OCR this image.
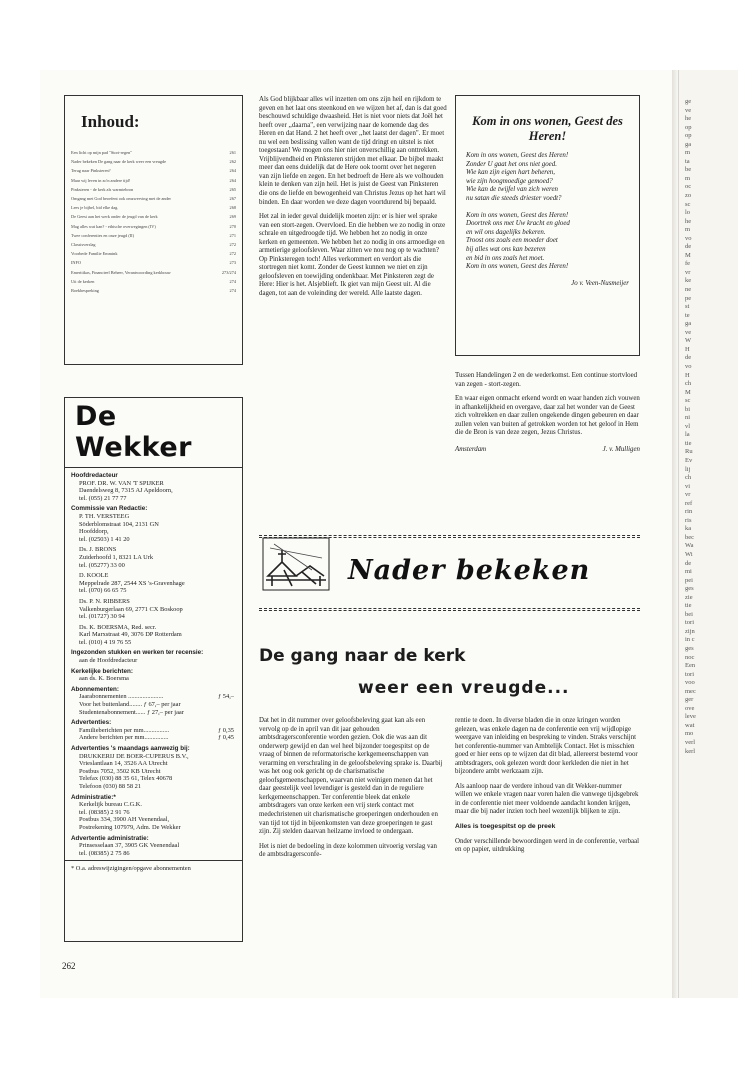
ge
ve
he
op
op
ga
m
ta
be
m
oc
zo
sc
lo
he
m
vo
de
M
fe
vr
ke
ne
pe
st
te
ga
ve
W
H
de
vo
H
ch
M
sc
bi
ni
vl
la
tie
Ru
Ev
lij
ch
vi
vr
ref
rin
ris
ka
bec
Wa
Wi
de
mi
pei
ges
zie
tie
bei
tori
zijn
in c
ges
noc
Een
tori
voo
mec
ger
ove
leve
wat
mo
verl
kerl
Inhoud:
Een licht op mijn pad "Stort-regen"	261
Nader bekeken De gang naar de kerk weer een vreugde	262
Terug naar Pinksteren?	264
Maar wij leven in zo'n andere tijd!	264
Pinksteren - de kerk als warmtebron	265
Omgang met God beoefent ook omzwerving met de ander	267
Lees je bijbel, bid elke dag.	268
De Geest aan het werk onder de jeugd van de kerk	269
Mag alles wat kan? - ethische overwegingen (IV)	270
Twee conferenties en onze jeugd (II)	271
Classisverslag	272
Voorbede Familie Emmink	272
INFO	273
Emeritikas, Financieel Beheer, Verantwoording kerkbouw	273/274
Uit de kerken	274
Boekbespreking	274
De Wekker
Hoofdredacteur
PROF. DR. W. VAN 'T SPIJKER
Daendelsweg 8, 7315 AJ Apeldoorn,
tel. (055) 21 77 77
Commissie van Redactie:
P. TH. VERSTEEG
Söderblomstraat 104, 2131 GN
Hoofddorp,
tel. (02503) 1 41 20
Ds. J. BRONS
Zuiderhoofd 1, 8321 LA Urk
tel. (05277) 33 00
D. KOOLE
Meppelrade 287, 2544 XS 's-Gravenhage
tel. (070) 66 65 75
Ds. P. N. RIBBERS
Valkenburgerlaan 69, 2771 CX Boskoop
tel. (01727) 30 94
Ds. K. BOERSMA, Red. secr.
Karl Marxstraat 49, 3076 DP Rotterdam
tel. (010) 4 19 76 55
Ingezonden stukken en werken ter recensie:
aan de Hoofdredacteur
Kerkelijke berichten:
aan ds. K. Boersma
Abonnementen:
Jaarabonnementen ......................	ƒ 54,–
Voor het buitenland........ ƒ 67,– per jaar
Studentenabonnement...... ƒ 27,– per jaar
Advertenties:
Familieberichten per mm................	ƒ 0,35
Andere berichten per mm...............	ƒ 0,45
Advertenties 's maandags aanwezig bij:
DRUKKERIJ DE BOER-CUPERUS B.V.,
Vrieslantlaan 14, 3526 AA Utrecht
Postbus 7052, 3502 KB Utrecht
Telefax (030) 88 35 61, Telex 40678
Telefoon (030) 88 58 21
Administratie:*
Kerkelijk bureau C.G.K.
tel. (08385) 2 91 76
Postbus 334, 3900 AH Veenendaal,
Postrekening 107979, Adm. De Wekker
Advertentie administratie:
Prinsesselaan 37, 3905 GK Veenendaal
tel. (08385) 2 75 86
* O.a. adreswijzigingen/opgave abonnementen

Als God blijkbaar alles wil inzetten om ons zijn heil en rijkdom te geven en het laat ons steenkoud en we wijzen het af, dan is dat goed beschouwd schuldige dwaasheid. Het is niet voor niets dat Joël het heeft over ,,daarna", een verwijzing naar de komende dag des Heren en dat Hand. 2 het heeft over ,,het laatst der dagen". Er moet nu wel een beslissing vallen want de tijd dringt en uitstel is niet toegestaan! We mogen ons hier niet onverschillig aan onttrekken. Vrijblijvendheid en Pinksteren strijden met elkaar. De bijbel maakt meer dan eens duidelijk dat de Here ook toornt over het negeren van zijn liefde en zegen. En het bedroeft de Here als we volhouden klein te denken van zijn heil. Het is juist de Geest van Pinksteren die ons de liefde en bewogenheid van Christus Jezus op het hart wil binden. En daar worden we deze dagen voortdurend bij bepaald.

Het zal in ieder geval duidelijk moeten zijn: er is hier wel sprake van een stort-zegen. Overvloed. En die hebben we zo nodig in onze schrale en uitgedroogde tijd. We hebben het zo nodig in onze kerken en gemeenten. We hebben het zo nodig in ons armoedige en armetierige geloofsleven. Waar zitten we nou nog op te wachten? Op Pinksteregen toch! Alles verkommert en verdort als die stortregen niet komt. Zonder de Geest kunnen we niet en zijn geloofsleven en toewijding ondenkbaar. Met Pinksteren zegt de Here: Hier is het. Alsjeblieft. Ik giet van mijn Geest uit. Al die dagen, tot aan de voleinding der wereld. Alle laatste dagen.

Kom in ons wonen, Geest des Heren!
Kom in ons wonen, Geest des Heren!
Zonder U gaat het ons niet goed.
Wie kan zijn eigen hart beheren,
wie zijn hoogmoedige gemoed?
Wie kan de twijfel van zich weren
nu satan die steeds driester voedt?
Kom in ons wonen, Geest des Heren!
Doortrek ons met Uw kracht en gloed
en wil ons dagelijks bekeren.
Troost ons zoals een moeder doet
bij alles wat ons kan bezeren
en bid in ons zoals het moet.
Kom in ons wonen, Geest des Heren!
Jo v. Veen-Nusmeijer

Tussen Handelingen 2 en de wederkomst. Een continue stortvloed van zegen - stort-zegen.

En waar eigen onmacht erkend wordt en waar handen zich vouwen in afhankelijkheid en overgave, daar zal het wonder van de Geest zich voltrekken en daar zullen ongekende dingen gebeuren en daar zullen velen van buiten af getrokken worden tot het geloof in Hem die de Bron is van deze zegen, Jezus Christus.

Amsterdam	J. v. Mulligen
Nader bekeken
De gang naar de kerk
weer een vreugde...

Dat het in dit nummer over geloofsbeleving gaat kan als een vervolg op de in april van dit jaar gehouden ambtsdragersconferentie worden gezien. Ook die was aan dit onderwerp gewijd en dan wel heel bijzonder toegespitst op de vraag of binnen de reformatorische kerkgemeenschappen van verarming en verschraling in de geloofsbeleving sprake is. Daarbij was het oog ook gericht op de charismatische geloofsgemeenschappen, waarvan niet weinigen menen dat het daar geestelijk veel levendiger is gesteld dan in de reguliere kerkgemeenschappen. Ter conferentie bleek dat enkele ambtsdragers van onze kerken een vrij sterk contact met medechristenen uit charismatische groeperingen onderhouden en van tijd tot tijd in bijeenkomsten van deze groeperingen te gast zijn. Zij stelden daarvan heilzame invloed te ondergaan.

Het is niet de bedoeling in deze kolommen uitvoerig verslag van de ambtsdragersconfe-

rentie te doen. In diverse bladen die in onze kringen worden gelezen, was enkele dagen na de conferentie een vrij wijdlopige weergave van inleiding en bespreking te vinden. Straks verschijnt het conferentie-nummer van Ambtelijk Contact. Het is misschien goed er hier eens op te wijzen dat dit blad, allereerst bestemd voor ambtsdragers, ook gelezen wordt door kerkleden die niet in het bijzondere ambt werkzaam zijn.

Als aanloop naar de verdere inhoud van dit Wekker-nummer willen we enkele vragen naar voren halen die vanwege tijdsgebrek in de conferentie niet meer voldoende aandacht konden krijgen, maar die bij nader inzien toch heel wezenlijk blijken te zijn.

Alles is toegespitst op de preek

Onder verschillende bewoordingen werd in de conferentie, verbaal en op papier, uitdrukking

262
